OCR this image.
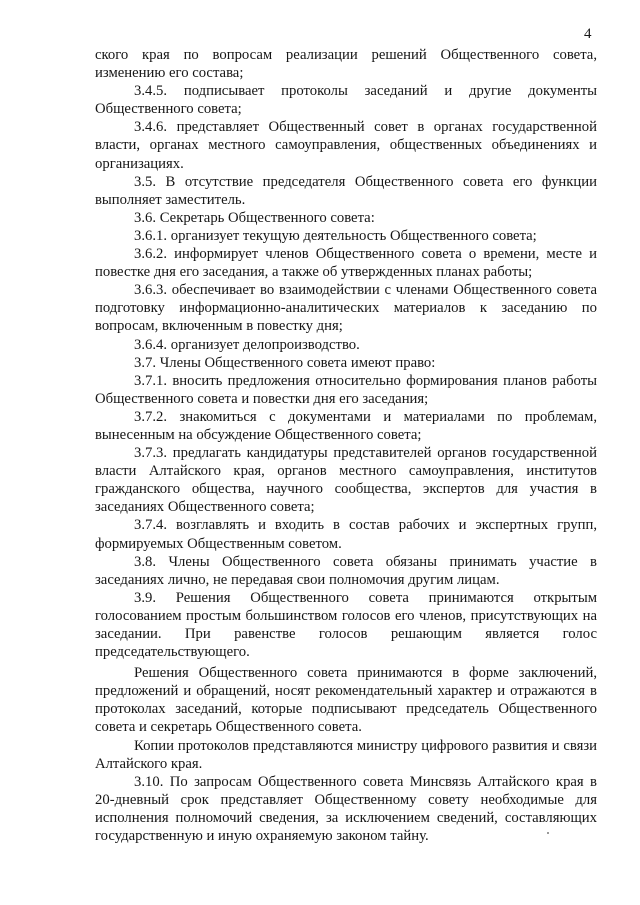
4

ского края по вопросам реализации решений Общественного совета, изменению его состава;

3.4.5. подписывает протоколы заседаний и другие документы Общественного совета;

3.4.6. представляет Общественный совет в органах государственной власти, органах местного самоуправления, общественных объединениях и организациях.

3.5. В отсутствие председателя Общественного совета его функции выполняет заместитель.

3.6. Секретарь Общественного совета:

3.6.1. организует текущую деятельность Общественного совета;

3.6.2. информирует членов Общественного совета о времени, месте и повестке дня его заседания, а также об утвержденных планах работы;

3.6.3. обеспечивает во взаимодействии с членами Общественного совета подготовку информационно-аналитических материалов к заседанию по вопросам, включенным в повестку дня;

3.6.4. организует делопроизводство.

3.7. Члены Общественного совета имеют право:

3.7.1. вносить предложения относительно формирования планов работы Общественного совета и повестки дня его заседания;

3.7.2. знакомиться с документами и материалами по проблемам, вынесенным на обсуждение Общественного совета;

3.7.3. предлагать кандидатуры представителей органов государственной власти Алтайского края, органов местного самоуправления, институтов гражданского общества, научного сообщества, экспертов для участия в заседаниях Общественного совета;

3.7.4. возглавлять и входить в состав рабочих и экспертных групп, формируемых Общественным советом.

3.8. Члены Общественного совета обязаны принимать участие в заседаниях лично, не передавая свои полномочия другим лицам.

3.9. Решения Общественного совета принимаются открытым голосованием простым большинством голосов его членов, присутствующих на заседании. При равенстве голосов решающим является голос председательствующего.

Решения Общественного совета принимаются в форме заключений, предложений и обращений, носят рекомендательный характер и отражаются в протоколах заседаний, которые подписывают председатель Общественного совета и секретарь Общественного совета.

Копии протоколов представляются министру цифрового развития и связи Алтайского края.

3.10. По запросам Общественного совета Минсвязь Алтайского края в 20-дневный срок представляет Общественному совету необходимые для исполнения полномочий сведения, за исключением сведений, составляющих государственную и иную охраняемую законом тайну.
